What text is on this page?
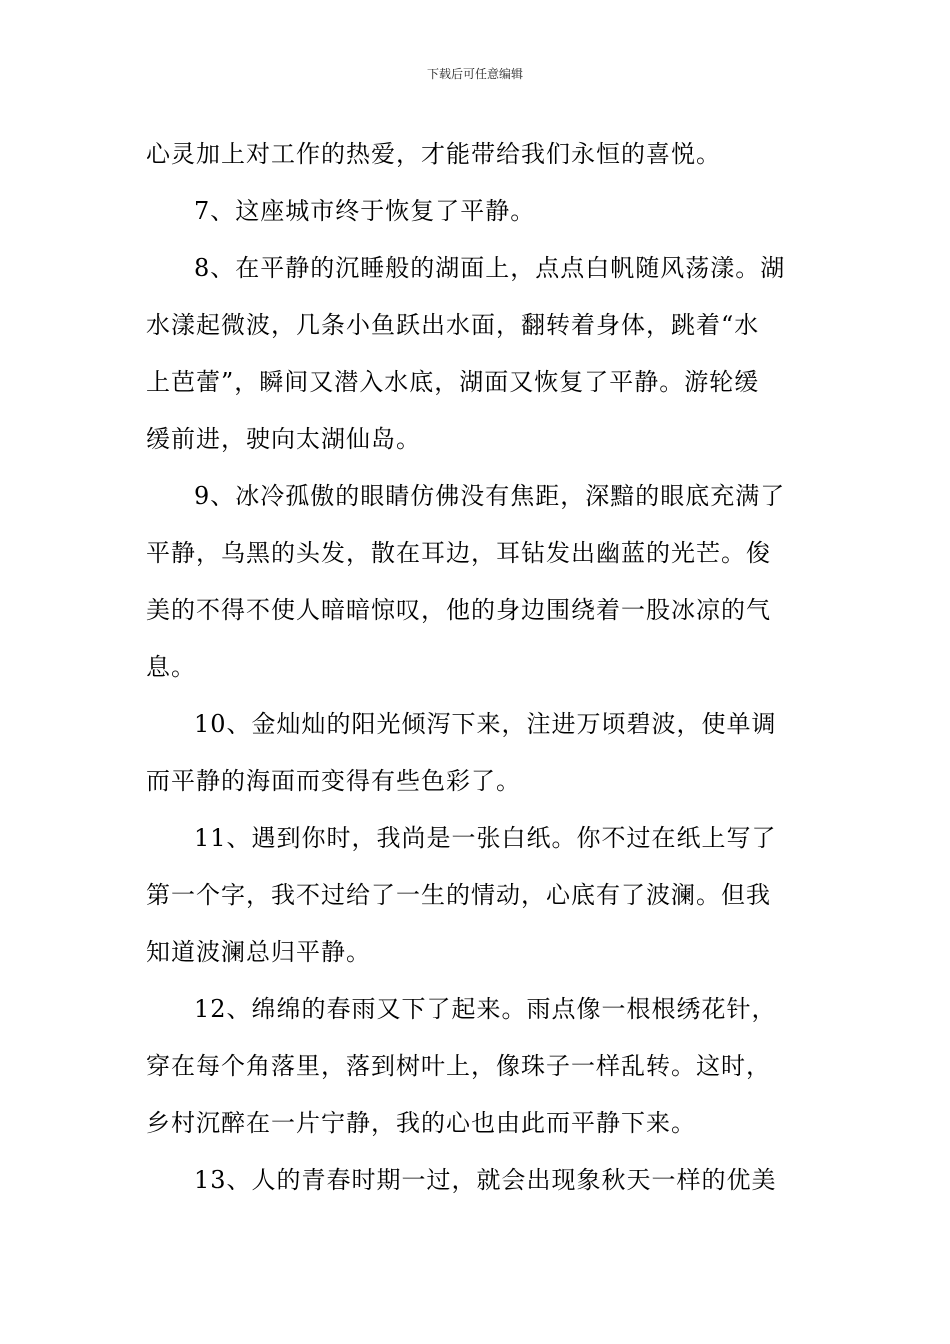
下载后可任意编辑
心灵加上对工作的热爱，才能带给我们永恒的喜悦。
7、这座城市终于恢复了平静。
8、在平静的沉睡般的湖面上，点点白帆随风荡漾。湖
水漾起微波，几条小鱼跃出水面，翻转着身体，跳着“水
上芭蕾”，瞬间又潜入水底，湖面又恢复了平静。游轮缓
缓前进，驶向太湖仙岛。
9、冰冷孤傲的眼睛仿佛没有焦距，深黯的眼底充满了
平静，乌黑的头发，散在耳边，耳钻发出幽蓝的光芒。俊
美的不得不使人暗暗惊叹，他的身边围绕着一股冰凉的气
息。
10、金灿灿的阳光倾泻下来，注进万顷碧波，使单调
而平静的海面而变得有些色彩了。
11、遇到你时，我尚是一张白纸。你不过在纸上写了
第一个字，我不过给了一生的情动，心底有了波澜。但我
知道波澜总归平静。
12、绵绵的春雨又下了起来。雨点像一根根绣花针，
穿在每个角落里，落到树叶上，像珠子一样乱转。这时，
乡村沉醉在一片宁静，我的心也由此而平静下来。
13、人的青春时期一过，就会出现象秋天一样的优美
